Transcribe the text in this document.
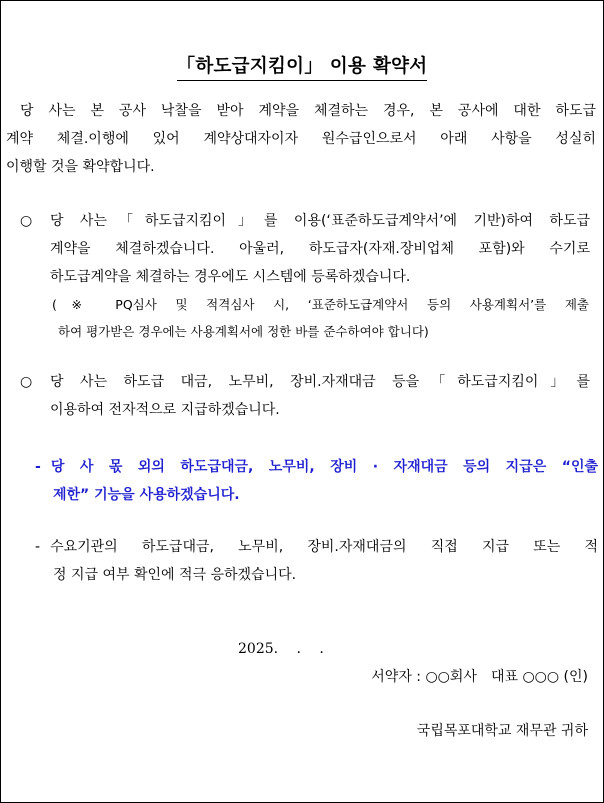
「하도급지킴이」 이용 확약서
당 사는 본 공사 낙찰을 받아 계약을 체결하는 경우, 본 공사에 대한 하도급
계약 체결.이행에 있어 계약상대자이자 원수급인으로서 아래 사항을 성실히
이행할 것을 확약합니다.
○ 당 사는「하도급지킴이」를 이용(‘표준하도급계약서’에 기반)하여 하도급
계약을 체결하겠습니다. 아울러, 하도급자(자재.장비업체 포함)와 수기로
하도급계약을 체결하는 경우에도 시스템에 등록하겠습니다.
(※ PQ심사 및 적격심사 시, ‘표준하도급계약서 등의 사용계획서’를 제출
하여 평가받은 경우에는 사용계획서에 정한 바를 준수하여야 합니다)
○ 당 사는 하도급 대금, 노무비, 장비.자재대금 등을「하도급지킴이」를
이용하여 전자적으로 지급하겠습니다.
- 당 사 몫 외의 하도급대금, 노무비, 장비 · 자재대금 등의 지급은 “인출
제한” 기능을 사용하겠습니다.
- 수요기관의 하도급대금, 노무비, 장비.자재대금의 직접 지급 또는 적
정 지급 여부 확인에 적극 응하겠습니다.
2025.　 .　 .
서약자 : ○○회사　대표 ○○○ (인)
국립목포대학교 재무관 귀하
